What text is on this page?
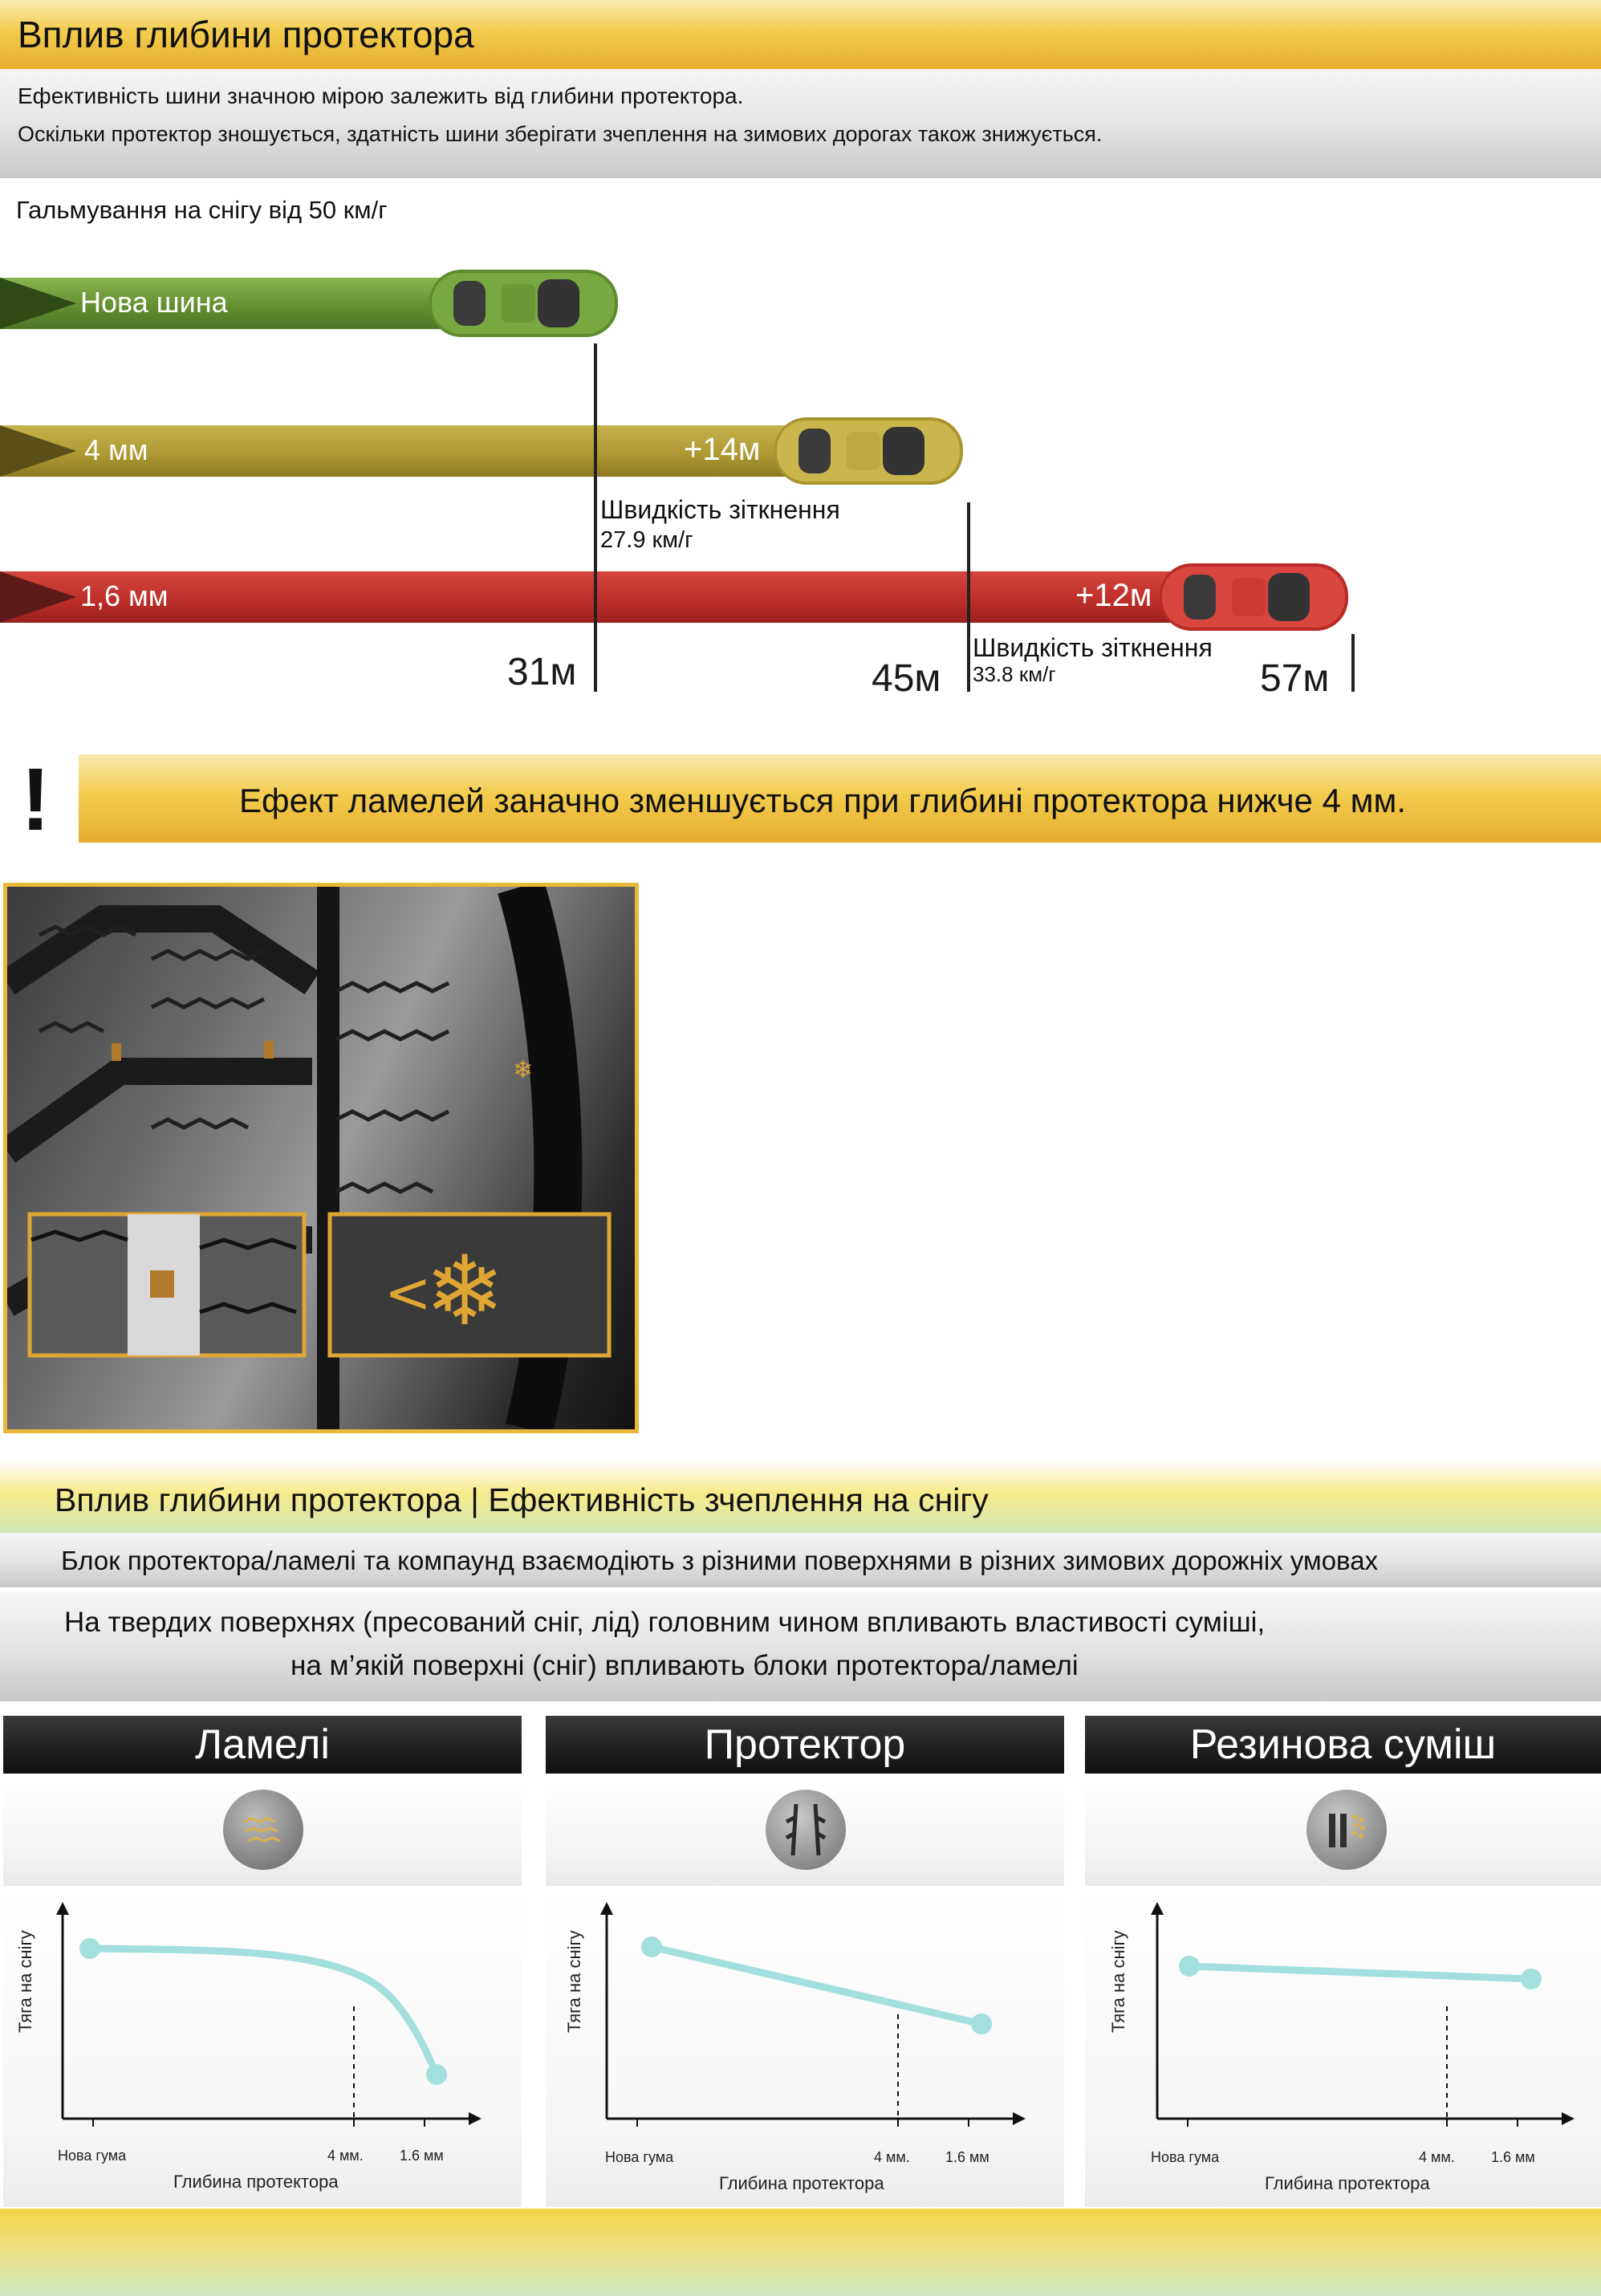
Вплив глибини протектора
Ефективність шини значною мірою залежить від глибини протектора.
Оскільки протектор зношується, здатність шини зберігати зчеплення на зимових дорогах також знижується.
Гальмування на снігу від 50 км/г
Нова шина
4 мм	+14м
1,6 мм	+12м
Швидкість зіткнення
27.9 км/г
Швидкість зіткнення
33.8 км/г
31м	45м	57м
!	Ефект ламелей заначно зменшується при глибині протектора нижче 4 мм.
❄
<
❄
Вплив глибини протектора | Ефективність зчеплення на снігу
Блок протектора/ламелі та компаунд взаємодіють з різними поверхнями в різних зимових дорожніх умовах
На твердих поверхнях (пресований сніг, лід) головним чином впливають властивості суміші,
на м’якій поверхні (сніг) впливають блоки протектора/ламелі
Ламелі	Протектор	Резинова суміш
Тяга на снігу
Нова гума	4 мм.	1.6 мм
Глибина протектора
Тяга на снігу
Нова гума	4 мм. 1.6 мм
Глибина протектора
Тяга на снігу
Нова гума	4 мм.	1.6 мм
Глибина протектора
